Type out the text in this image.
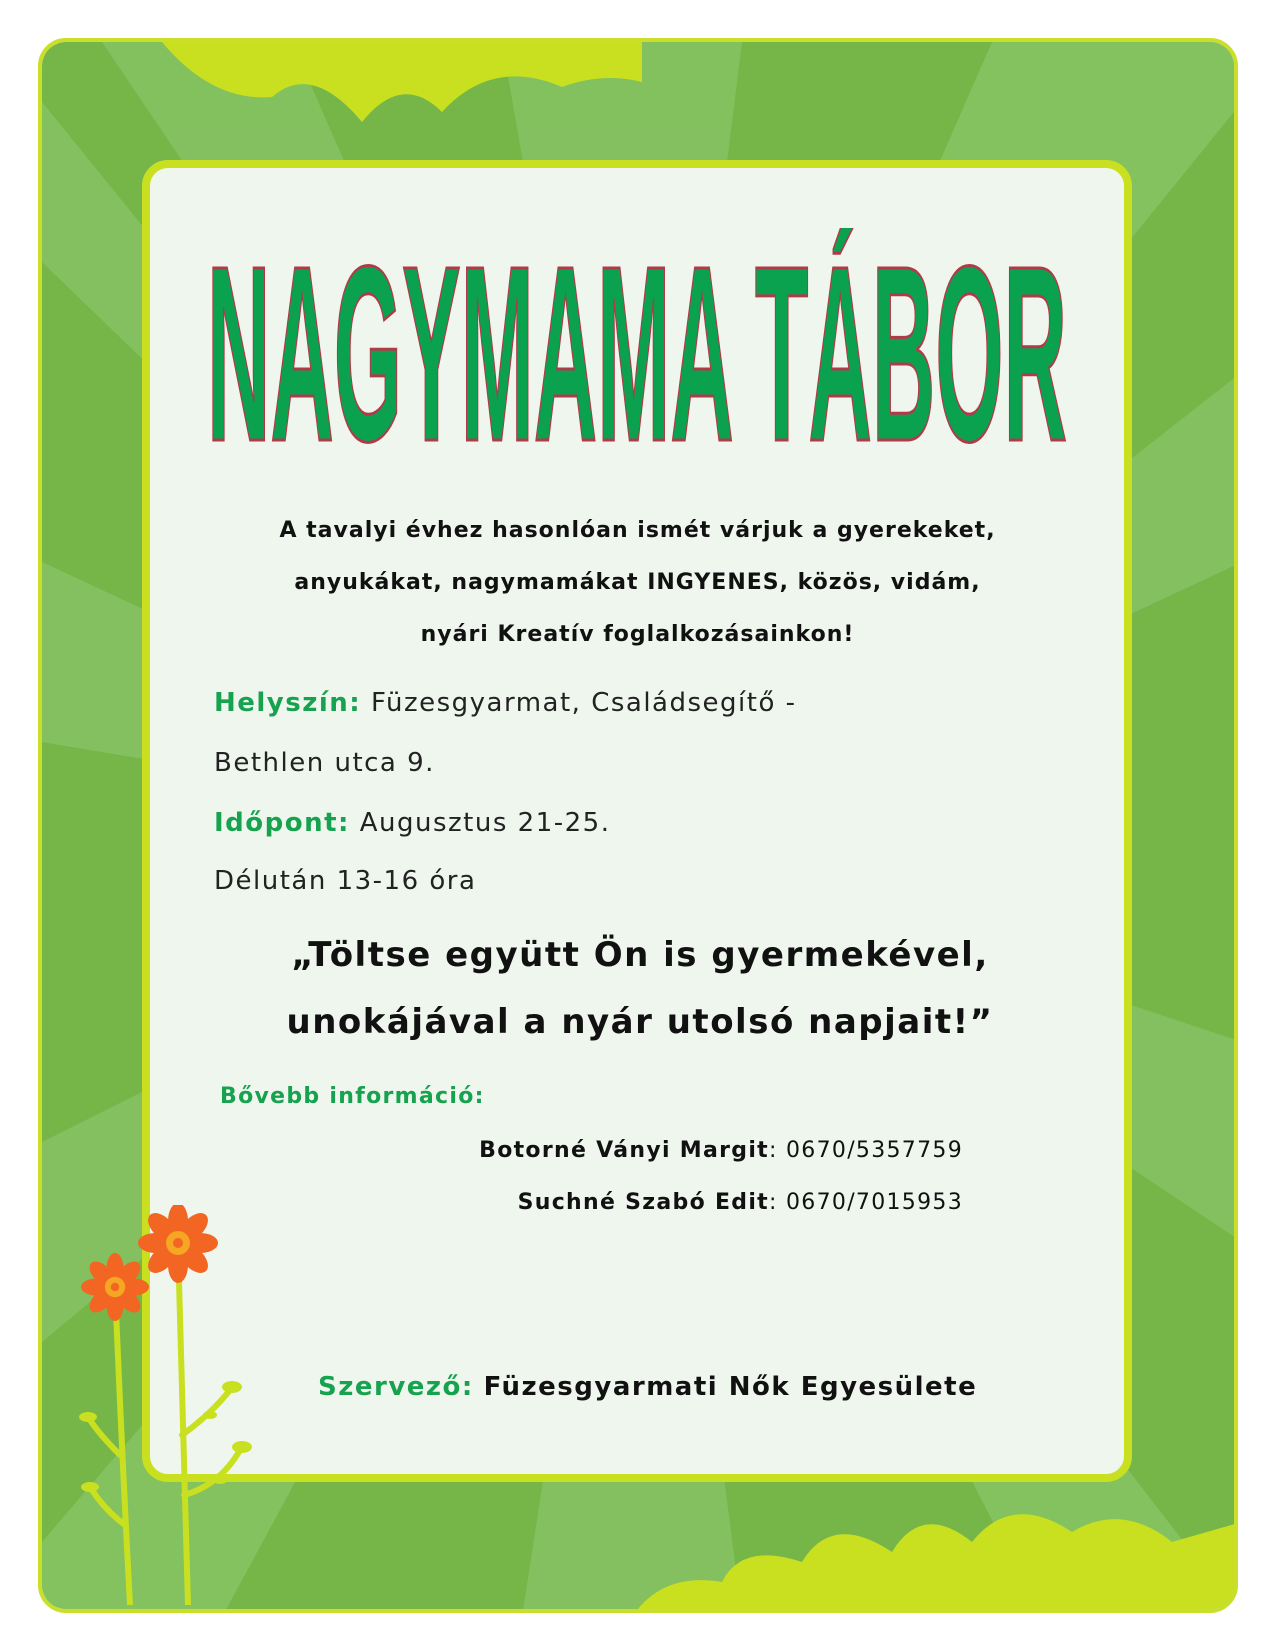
NAGYMAMA TÁBOR
A tavalyi évhez hasonlóan ismét várjuk a gyerekeket,
anyukákat, nagymamákat INGYENES, közös, vidám,
nyári Kreatív foglalkozásainkon!
Helyszín: Füzesgyarmat, Családsegítő -
Bethlen utca 9.
Időpont: Augusztus 21-25.
Délután 13-16 óra
„Töltse együtt Ön is gyermekével,
unokájával a nyár utolsó napjait!”
Bővebb információ:
Botorné Ványi Margit: 0670/5357759
Suchné Szabó Edit: 0670/7015953
Szervező: Füzesgyarmati Nők Egyesülete
